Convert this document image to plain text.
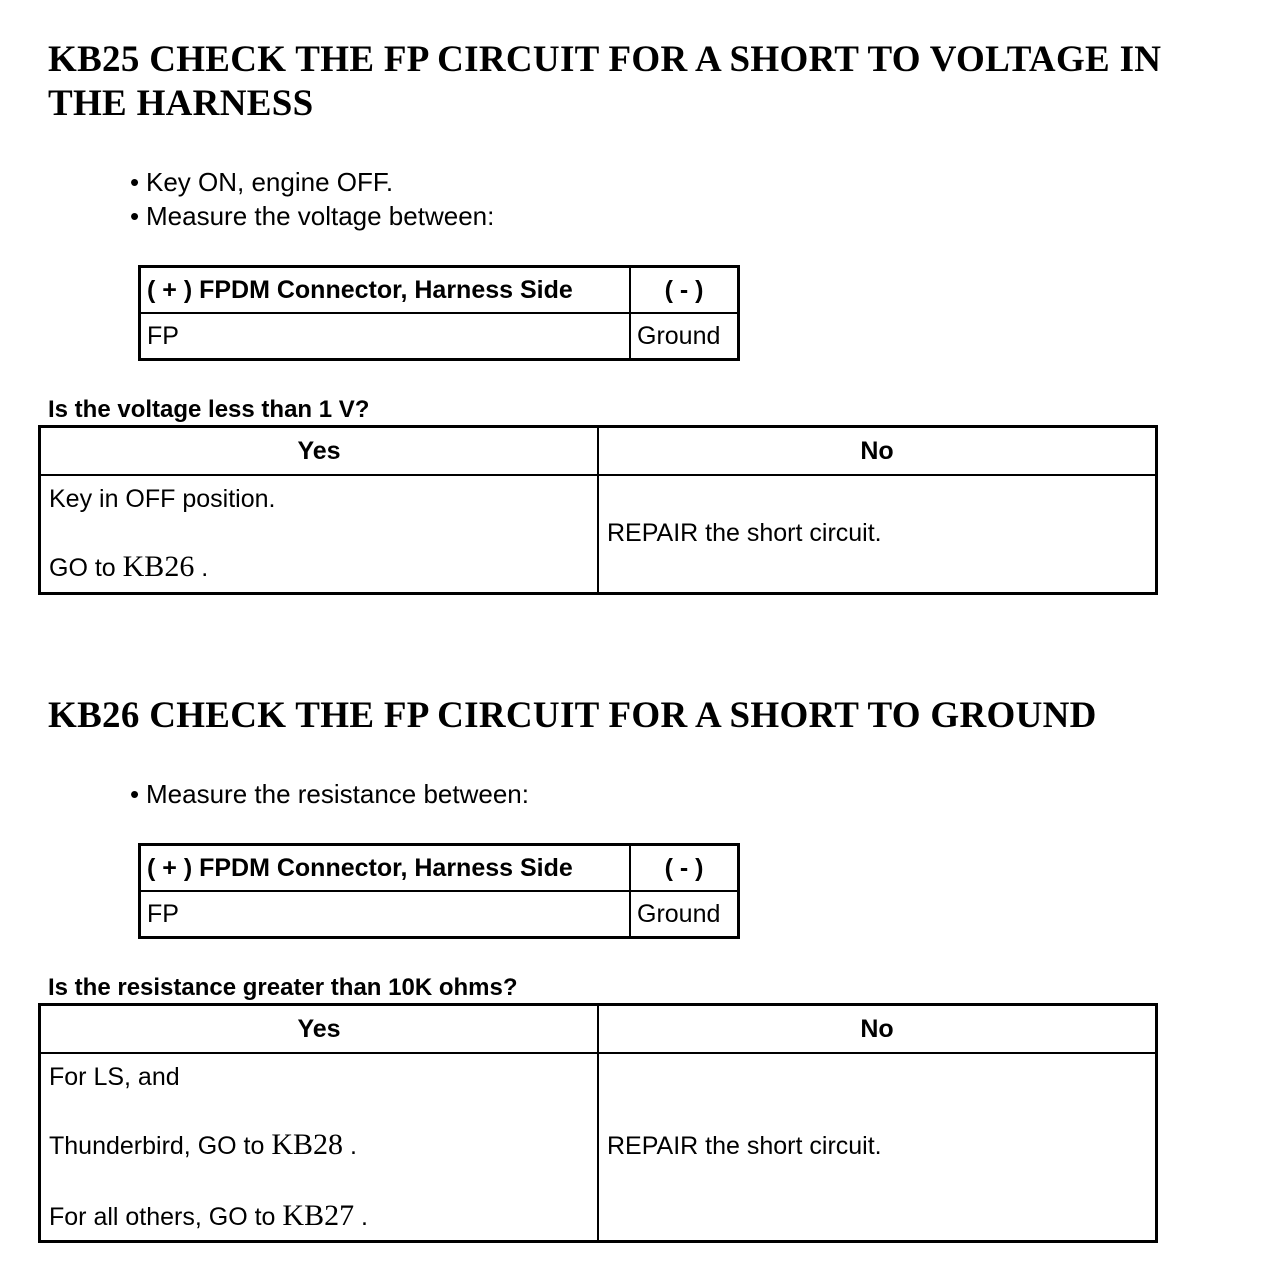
KB25 CHECK THE FP CIRCUIT FOR A SHORT TO VOLTAGE IN
THE HARNESS
• Key ON, engine OFF.
• Measure the voltage between:
( + ) FPDM Connector, Harness Side	( - )
FP	Ground

Is the voltage less than 1 V?

Yes	No

Key in OFF position.

GO to KB26 .	REPAIR the short circuit.
KB26 CHECK THE FP CIRCUIT FOR A SHORT TO GROUND
• Measure the resistance between:
( + ) FPDM Connector, Harness Side	( - )
FP	Ground

Is the resistance greater than 10K ohms?

Yes	No

For LS, and

Thunderbird, GO to KB28 .

For all others, GO to KB27 .	REPAIR the short circuit.
